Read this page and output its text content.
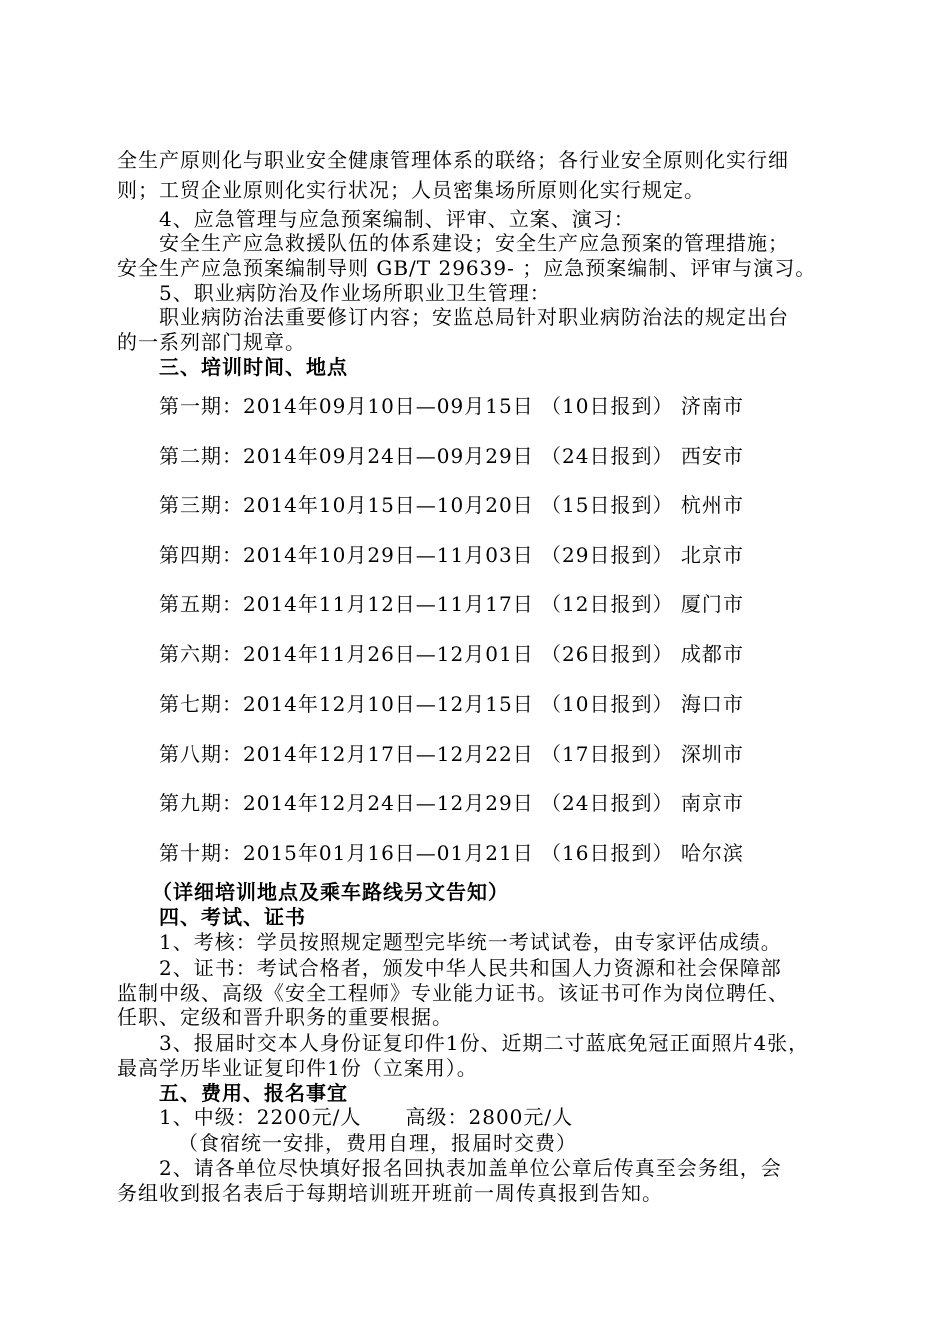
全生产原则化与职业安全健康管理体系的联络；各行业安全原则化实行细
则；工贸企业原则化实行状况；人员密集场所原则化实行规定。
4、应急管理与应急预案编制、评审、立案、演习：
安全生产应急救援队伍的体系建设；安全生产应急预案的管理措施；
安全生产应急预案编制导则 GB/T 29639- ；应急预案编制、评审与演习。
5、职业病防治及作业场所职业卫生管理：
职业病防治法重要修订内容；安监总局针对职业病防治法的规定出台
的一系列部门规章。
三、培训时间、地点
第一期：2014年09月10日—09月15日 （10日报到） 济南市
第二期：2014年09月24日—09月29日 （24日报到） 西安市
第三期：2014年10月15日—10月20日 （15日报到） 杭州市
第四期：2014年10月29日—11月03日 （29日报到） 北京市
第五期：2014年11月12日—11月17日 （12日报到） 厦门市
第六期：2014年11月26日—12月01日 （26日报到） 成都市
第七期：2014年12月10日—12月15日 （10日报到） 海口市
第八期：2014年12月17日—12月22日 （17日报到） 深圳市
第九期：2014年12月24日—12月29日 （24日报到） 南京市
第十期：2015年01月16日—01月21日 （16日报到） 哈尔滨
（详细培训地点及乘车路线另文告知）
四、考试、证书
1、考核：学员按照规定题型完毕统一考试试卷，由专家评估成绩。
2、证书：考试合格者，颁发中华人民共和国人力资源和社会保障部
监制中级、高级《安全工程师》专业能力证书。该证书可作为岗位聘任、
任职、定级和晋升职务的重要根据。
3、报届时交本人身份证复印件1份、近期二寸蓝底免冠正面照片4张，
最高学历毕业证复印件1份（立案用）。
五、费用、报名事宜
1、中级：2200元/人      高级：2800元/人
（食宿统一安排，费用自理，报届时交费）
2、请各单位尽快填好报名回执表加盖单位公章后传真至会务组，会
务组收到报名表后于每期培训班开班前一周传真报到告知。
